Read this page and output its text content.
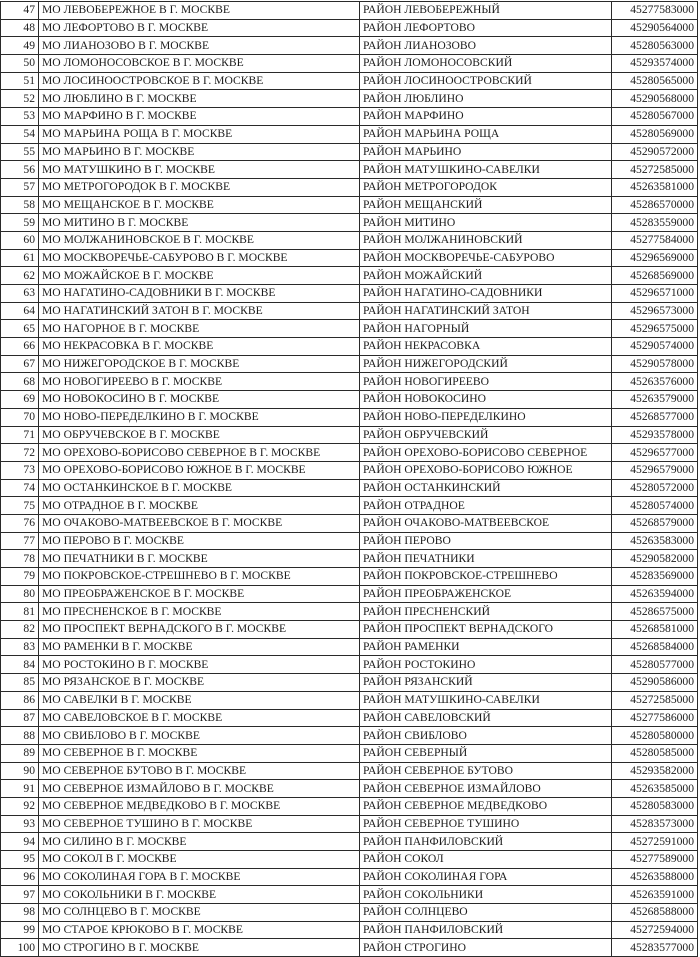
47	МО ЛЕВОБЕРЕЖНОЕ В Г. МОСКВЕ	РАЙОН ЛЕВОБЕРЕЖНЫЙ	45277583000
48	МО ЛЕФОРТОВО В Г. МОСКВЕ	РАЙОН ЛЕФОРТОВО	45290564000
49	МО ЛИАНОЗОВО В Г. МОСКВЕ	РАЙОН ЛИАНОЗОВО	45280563000
50	МО ЛОМОНОСОВСКОЕ В Г. МОСКВЕ	РАЙОН ЛОМОНОСОВСКИЙ	45293574000
51	МО ЛОСИНООСТРОВСКОЕ В Г. МОСКВЕ	РАЙОН ЛОСИНООСТРОВСКИЙ	45280565000
52	МО ЛЮБЛИНО В Г. МОСКВЕ	РАЙОН ЛЮБЛИНО	45290568000
53	МО МАРФИНО В Г. МОСКВЕ	РАЙОН МАРФИНО	45280567000
54	МО МАРЬИНА РОЩА В Г. МОСКВЕ	РАЙОН МАРЬИНА РОЩА	45280569000
55	МО МАРЬИНО В Г. МОСКВЕ	РАЙОН МАРЬИНО	45290572000
56	МО МАТУШКИНО В Г. МОСКВЕ	РАЙОН МАТУШКИНО-САВЕЛКИ	45272585000
57	МО МЕТРОГОРОДОК В Г. МОСКВЕ	РАЙОН МЕТРОГОРОДОК	45263581000
58	МО МЕЩАНСКОЕ В Г. МОСКВЕ	РАЙОН МЕЩАНСКИЙ	45286570000
59	МО МИТИНО В Г. МОСКВЕ	РАЙОН МИТИНО	45283559000
60	МО МОЛЖАНИНОВСКОЕ В Г. МОСКВЕ	РАЙОН МОЛЖАНИНОВСКИЙ	45277584000
61	МО МОСКВОРЕЧЬЕ-САБУРОВО В Г. МОСКВЕ	РАЙОН МОСКВОРЕЧЬЕ-САБУРОВО	45296569000
62	МО МОЖАЙСКОЕ В Г. МОСКВЕ	РАЙОН МОЖАЙСКИЙ	45268569000
63	МО НАГАТИНО-САДОВНИКИ В Г. МОСКВЕ	РАЙОН НАГАТИНО-САДОВНИКИ	45296571000
64	МО НАГАТИНСКИЙ ЗАТОН В Г. МОСКВЕ	РАЙОН НАГАТИНСКИЙ ЗАТОН	45296573000
65	МО НАГОРНОЕ В Г. МОСКВЕ	РАЙОН НАГОРНЫЙ	45296575000
66	МО НЕКРАСОВКА В Г. МОСКВЕ	РАЙОН НЕКРАСОВКА	45290574000
67	МО НИЖЕГОРОДСКОЕ В Г. МОСКВЕ	РАЙОН НИЖЕГОРОДСКИЙ	45290578000
68	МО НОВОГИРЕЕВО В Г. МОСКВЕ	РАЙОН НОВОГИРЕЕВО	45263576000
69	МО НОВОКОСИНО В Г. МОСКВЕ	РАЙОН НОВОКОСИНО	45263579000
70	МО НОВО-ПЕРЕДЕЛКИНО В Г. МОСКВЕ	РАЙОН НОВО-ПЕРЕДЕЛКИНО	45268577000
71	МО ОБРУЧЕВСКОЕ В Г. МОСКВЕ	РАЙОН ОБРУЧЕВСКИЙ	45293578000
72	МО ОРЕХОВО-БОРИСОВО СЕВЕРНОЕ В Г. МОСКВЕ	РАЙОН ОРЕХОВО-БОРИСОВО СЕВЕРНОЕ	45296577000
73	МО ОРЕХОВО-БОРИСОВО ЮЖНОЕ В Г. МОСКВЕ	РАЙОН ОРЕХОВО-БОРИСОВО ЮЖНОЕ	45296579000
74	МО ОСТАНКИНСКОЕ В Г. МОСКВЕ	РАЙОН ОСТАНКИНСКИЙ	45280572000
75	МО ОТРАДНОЕ В Г. МОСКВЕ	РАЙОН ОТРАДНОЕ	45280574000
76	МО ОЧАКОВО-МАТВЕЕВСКОЕ В Г. МОСКВЕ	РАЙОН ОЧАКОВО-МАТВЕЕВСКОЕ	45268579000
77	МО ПЕРОВО В Г. МОСКВЕ	РАЙОН ПЕРОВО	45263583000
78	МО ПЕЧАТНИКИ В Г. МОСКВЕ	РАЙОН ПЕЧАТНИКИ	45290582000
79	МО ПОКРОВСКОЕ-СТРЕШНЕВО В Г. МОСКВЕ	РАЙОН ПОКРОВСКОЕ-СТРЕШНЕВО	45283569000
80	МО ПРЕОБРАЖЕНСКОЕ В Г. МОСКВЕ	РАЙОН ПРЕОБРАЖЕНСКОЕ	45263594000
81	МО ПРЕСНЕНСКОЕ В Г. МОСКВЕ	РАЙОН ПРЕСНЕНСКИЙ	45286575000
82	МО ПРОСПЕКТ ВЕРНАДСКОГО В Г. МОСКВЕ	РАЙОН ПРОСПЕКТ ВЕРНАДСКОГО	45268581000
83	МО РАМЕНКИ В Г. МОСКВЕ	РАЙОН РАМЕНКИ	45268584000
84	МО РОСТОКИНО В Г. МОСКВЕ	РАЙОН РОСТОКИНО	45280577000
85	МО РЯЗАНСКОЕ В Г. МОСКВЕ	РАЙОН РЯЗАНСКИЙ	45290586000
86	МО САВЕЛКИ В Г. МОСКВЕ	РАЙОН МАТУШКИНО-САВЕЛКИ	45272585000
87	МО САВЕЛОВСКОЕ В Г. МОСКВЕ	РАЙОН САВЕЛОВСКИЙ	45277586000
88	МО СВИБЛОВО В Г. МОСКВЕ	РАЙОН СВИБЛОВО	45280580000
89	МО СЕВЕРНОЕ В Г. МОСКВЕ	РАЙОН СЕВЕРНЫЙ	45280585000
90	МО СЕВЕРНОЕ БУТОВО В Г. МОСКВЕ	РАЙОН СЕВЕРНОЕ БУТОВО	45293582000
91	МО СЕВЕРНОЕ ИЗМАЙЛОВО В Г. МОСКВЕ	РАЙОН СЕВЕРНОЕ ИЗМАЙЛОВО	45263585000
92	МО СЕВЕРНОЕ МЕДВЕДКОВО В Г. МОСКВЕ	РАЙОН СЕВЕРНОЕ МЕДВЕДКОВО	45280583000
93	МО СЕВЕРНОЕ ТУШИНО В Г. МОСКВЕ	РАЙОН СЕВЕРНОЕ ТУШИНО	45283573000
94	МО СИЛИНО В Г. МОСКВЕ	РАЙОН ПАНФИЛОВСКИЙ	45272591000
95	МО СОКОЛ В Г. МОСКВЕ	РАЙОН СОКОЛ	45277589000
96	МО СОКОЛИНАЯ ГОРА В Г. МОСКВЕ	РАЙОН СОКОЛИНАЯ ГОРА	45263588000
97	МО СОКОЛЬНИКИ В Г. МОСКВЕ	РАЙОН СОКОЛЬНИКИ	45263591000
98	МО СОЛНЦЕВО В Г. МОСКВЕ	РАЙОН СОЛНЦЕВО	45268588000
99	МО СТАРОЕ КРЮКОВО В Г. МОСКВЕ	РАЙОН ПАНФИЛОВСКИЙ	45272594000
100	МО СТРОГИНО В Г. МОСКВЕ	РАЙОН СТРОГИНО	45283577000
